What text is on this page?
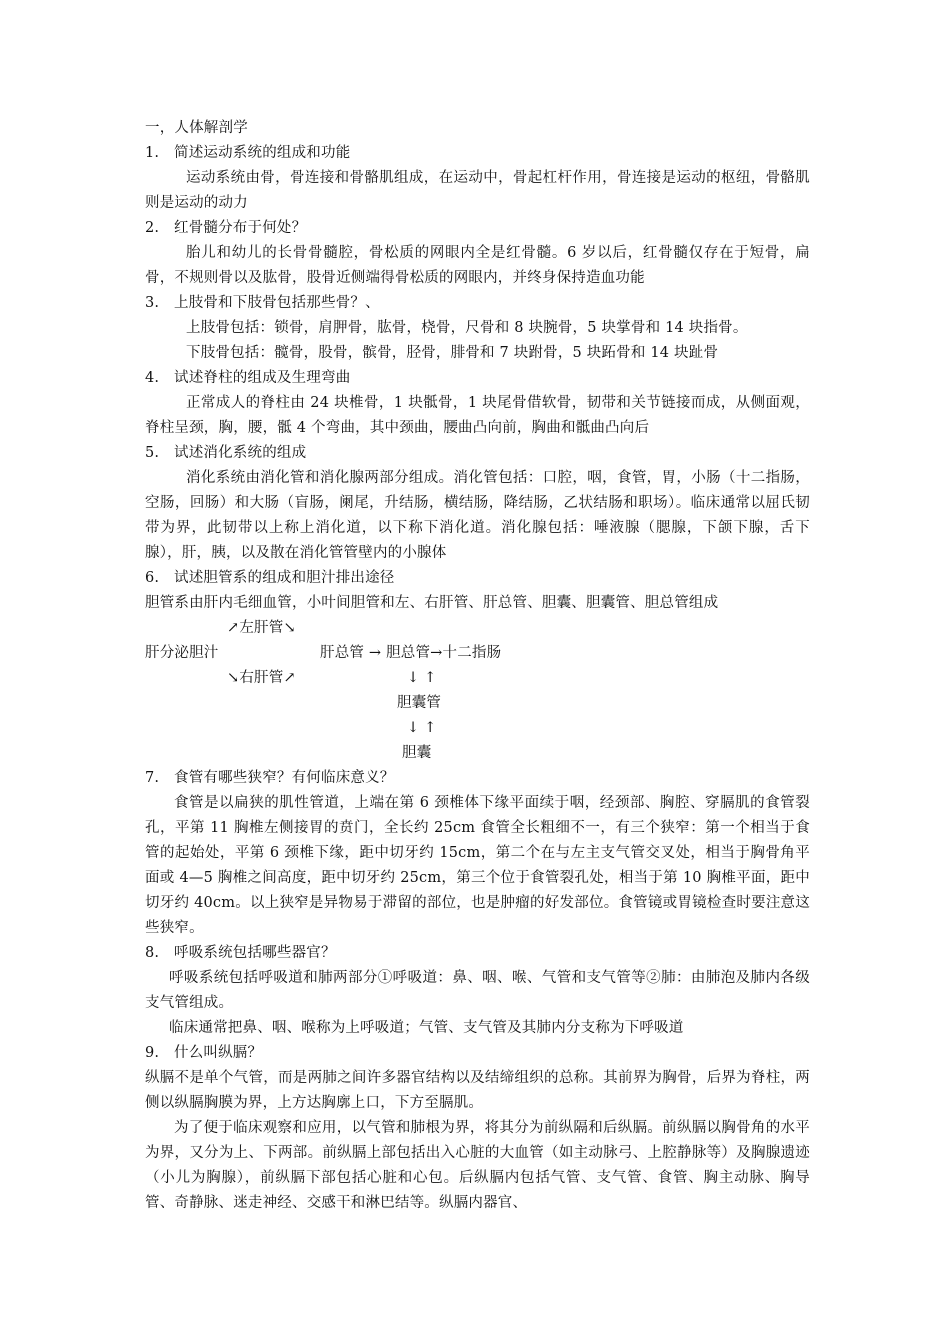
一，人体解剖学
1. 简述运动系统的组成和功能

运动系统由骨，骨连接和骨骼肌组成，在运动中，骨起杠杆作用，骨连接是运动的枢纽，骨骼肌则是运动的动力

2. 红骨髓分布于何处？

胎儿和幼儿的长骨骨髓腔，骨松质的网眼内全是红骨髓。6 岁以后，红骨髓仅存在于短骨，扁骨，不规则骨以及肱骨，股骨近侧端得骨松质的网眼内，并终身保持造血功能

3. 上肢骨和下肢骨包括那些骨？、

上肢骨包括：锁骨，肩胛骨，肱骨，桡骨，尺骨和 8 块腕骨，5 块掌骨和 14 块指骨。

下肢骨包括：髋骨，股骨，髌骨，胫骨，腓骨和 7 块跗骨，5 块跖骨和 14 块趾骨

4. 试述脊柱的组成及生理弯曲

正常成人的脊柱由 24 块椎骨，1 块骶骨，1 块尾骨借软骨，韧带和关节链接而成，从侧面观，脊柱呈颈，胸，腰，骶 4 个弯曲，其中颈曲，腰曲凸向前，胸曲和骶曲凸向后

5. 试述消化系统的组成

消化系统由消化管和消化腺两部分组成。消化管包括：口腔，咽，食管，胃，小肠（十二指肠，空肠，回肠）和大肠（盲肠，阑尾，升结肠，横结肠，降结肠，乙状结肠和职场）。临床通常以屈氏韧带为界，此韧带以上称上消化道，以下称下消化道。消化腺包括：唾液腺（腮腺，下颌下腺，舌下腺），肝，胰，以及散在消化管管壁内的小腺体

6. 试述胆管系的组成和胆汁排出途径

胆管系由肝内毛细血管，小叶间胆管和左、右肝管、肝总管、胆囊、胆囊管、胆总管组成

↗左肝管↘
肝分泌胆汁	肝总管 → 胆总管→十二指肠
↘右肝管↗	↓ ↑
胆囊管
↓ ↑
胆囊
7. 食管有哪些狭窄？有何临床意义？

食管是以扁狭的肌性管道，上端在第 6 颈椎体下缘平面续于咽，经颈部、胸腔、穿膈肌的食管裂孔，平第 11 胸椎左侧接胃的贲门，全长约 25cm 食管全长粗细不一，有三个狭窄：第一个相当于食管的起始处，平第 6 颈椎下缘，距中切牙约 15cm，第二个在与左主支气管交叉处，相当于胸骨角平面或 4—5 胸椎之间高度，距中切牙约 25cm，第三个位于食管裂孔处，相当于第 10 胸椎平面，距中切牙约 40cm。以上狭窄是异物易于滞留的部位，也是肿瘤的好发部位。食管镜或胃镜检查时要注意这些狭窄。

8. 呼吸系统包括哪些器官？

呼吸系统包括呼吸道和肺两部分①呼吸道：鼻、咽、喉、气管和支气管等②肺：由肺泡及肺内各级支气管组成。

临床通常把鼻、咽、喉称为上呼吸道；气管、支气管及其肺内分支称为下呼吸道

9. 什么叫纵膈？

纵膈不是单个气管，而是两肺之间许多器官结构以及结缔组织的总称。其前界为胸骨，后界为脊柱，两侧以纵膈胸膜为界，上方达胸廓上口，下方至膈肌。

为了便于临床观察和应用，以气管和肺根为界，将其分为前纵隔和后纵膈。前纵膈以胸骨角的水平为界，又分为上、下两部。前纵膈上部包括出入心脏的大血管（如主动脉弓、上腔静脉等）及胸腺遗迹（小儿为胸腺），前纵膈下部包括心脏和心包。后纵膈内包括气管、支气管、食管、胸主动脉、胸导管、奇静脉、迷走神经、交感干和淋巴结等。纵膈内器官、
